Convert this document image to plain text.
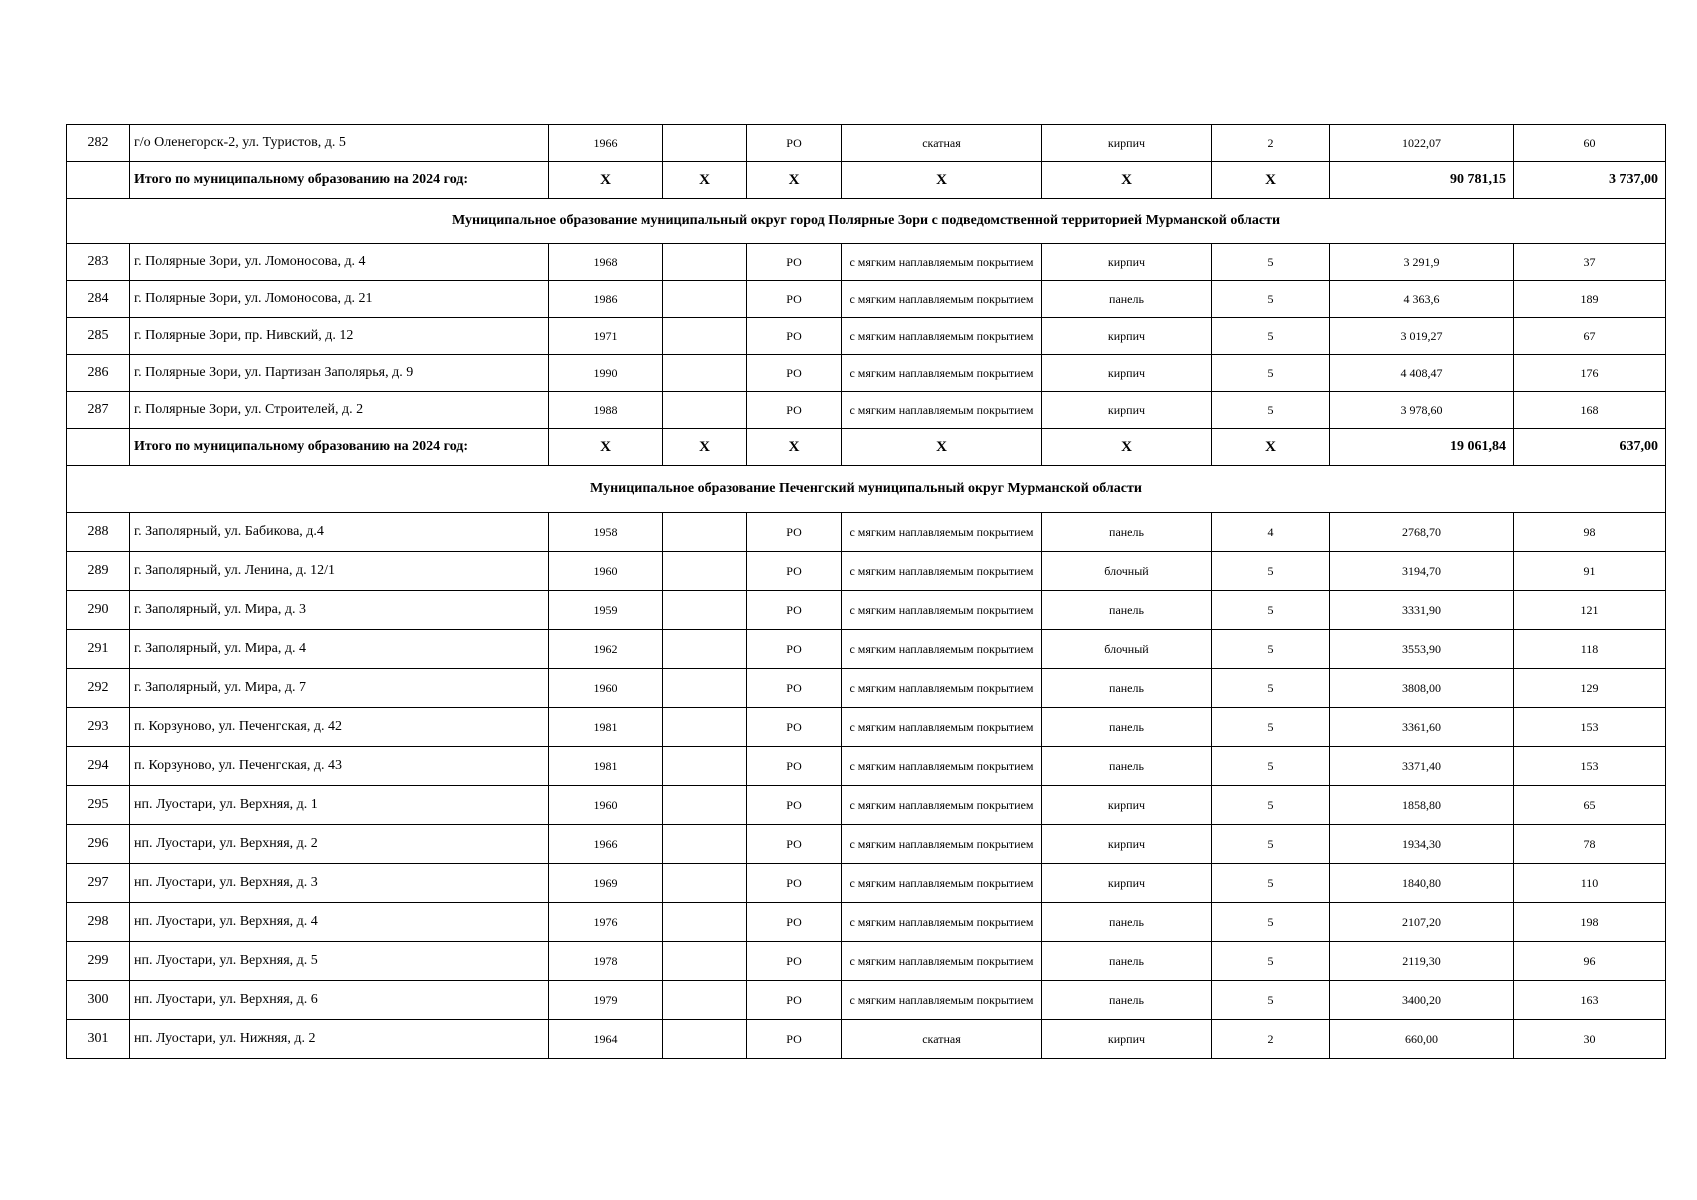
282	г/о Оленегорск-2, ул. Туристов, д. 5	1966		РО	скатная	кирпич	2	1022,07	60
	Итого по муниципальному образованию на 2024 год:	Х	Х	Х	Х	Х	Х	90 781,15	3 737,00
Муниципальное образование муниципальный округ город Полярные Зори с подведомственной территорией Мурманской области									
283	г. Полярные Зори, ул. Ломоносова, д. 4	1968		РО	с мягким наплавляемым покрытием	кирпич	5	3 291,9	37
284	г. Полярные Зори, ул. Ломоносова, д. 21	1986		РО	с мягким наплавляемым покрытием	панель	5	4 363,6	189
285	г. Полярные Зори, пр. Нивский, д. 12	1971		РО	с мягким наплавляемым покрытием	кирпич	5	3 019,27	67
286	г. Полярные Зори, ул. Партизан Заполярья, д. 9	1990		РО	с мягким наплавляемым покрытием	кирпич	5	4 408,47	176
287	г. Полярные Зори, ул. Строителей, д. 2	1988		РО	с мягким наплавляемым покрытием	кирпич	5	3 978,60	168
	Итого по муниципальному образованию на 2024 год:	Х	Х	Х	Х	Х	Х	19 061,84	637,00
Муниципальное образование Печенгский муниципальный округ Мурманской области									
288	г. Заполярный, ул. Бабикова, д.4	1958		РО	с мягким наплавляемым покрытием	панель	4	2768,70	98
289	г. Заполярный, ул. Ленина, д. 12/1	1960		РО	с мягким наплавляемым покрытием	блочный	5	3194,70	91
290	г. Заполярный, ул. Мира, д. 3	1959		РО	с мягким наплавляемым покрытием	панель	5	3331,90	121
291	г. Заполярный, ул. Мира, д. 4	1962		РО	с мягким наплавляемым покрытием	блочный	5	3553,90	118
292	г. Заполярный, ул. Мира, д. 7	1960		РО	с мягким наплавляемым покрытием	панель	5	3808,00	129
293	п. Корзуново, ул. Печенгская, д. 42	1981		РО	с мягким наплавляемым покрытием	панель	5	3361,60	153
294	п. Корзуново, ул. Печенгская, д. 43	1981		РО	с мягким наплавляемым покрытием	панель	5	3371,40	153
295	нп. Луостари, ул. Верхняя, д. 1	1960		РО	с мягким наплавляемым покрытием	кирпич	5	1858,80	65
296	нп. Луостари, ул. Верхняя, д. 2	1966		РО	с мягким наплавляемым покрытием	кирпич	5	1934,30	78
297	нп. Луостари, ул. Верхняя, д. 3	1969		РО	с мягким наплавляемым покрытием	кирпич	5	1840,80	110
298	нп. Луостари, ул. Верхняя, д. 4	1976		РО	с мягким наплавляемым покрытием	панель	5	2107,20	198
299	нп. Луостари, ул. Верхняя, д. 5	1978		РО	с мягким наплавляемым покрытием	панель	5	2119,30	96
300	нп. Луостари, ул. Верхняя, д. 6	1979		РО	с мягким наплавляемым покрытием	панель	5	3400,20	163
301	нп. Луостари, ул. Нижняя, д. 2	1964		РО	скатная	кирпич	2	660,00	30
